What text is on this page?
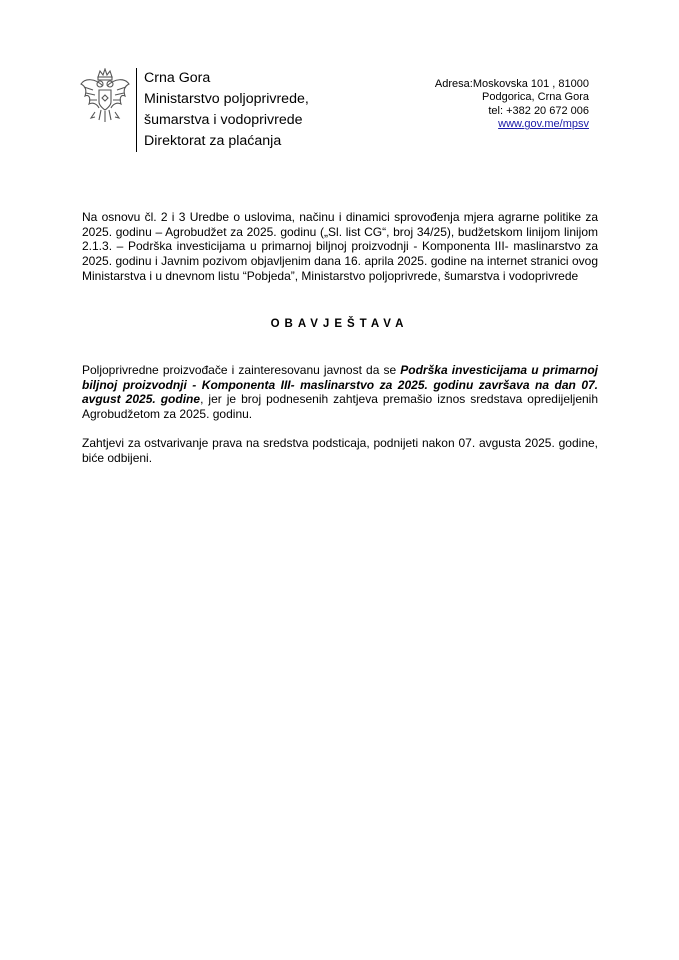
Crna Gora
Ministarstvo poljoprivrede,
šumarstva i vodoprivrede
Direktorat za plaćanja
Adresa:Moskovska 101 , 81000
Podgorica, Crna Gora
tel: +382 20 672 006
www.gov.me/mpsv
Na osnovu čl. 2 i 3 Uredbe o uslovima, načinu i dinamici sprovođenja mjera agrarne politike za 2025. godinu – Agrobudžet za 2025. godinu („Sl. list CG“, broj 34/25), budžetskom linijom linijom 2.1.3. – Podrška investicijama u primarnoj biljnoj proizvodnji - Komponenta III- maslinarstvo za 2025. godinu i Javnim pozivom objavljenim dana 16. aprila 2025. godine na internet stranici ovog Ministarstva i u dnevnom listu “Pobjeda”, Ministarstvo poljoprivrede, šumarstva i vodoprivrede
OBAVJEŠTAVA
Poljoprivredne proizvođače i zainteresovanu javnost da se Podrška investicijama u primarnoj biljnoj proizvodnji - Komponenta III- maslinarstvo za 2025. godinu završava na dan 07. avgust 2025. godine, jer je broj podnesenih zahtjeva premašio iznos sredstava opredijeljenih Agrobudžetom za 2025. godinu.
Zahtjevi za ostvarivanje prava na sredstva podsticaja, podnijeti nakon 07. avgusta 2025. godine, biće odbijeni.
